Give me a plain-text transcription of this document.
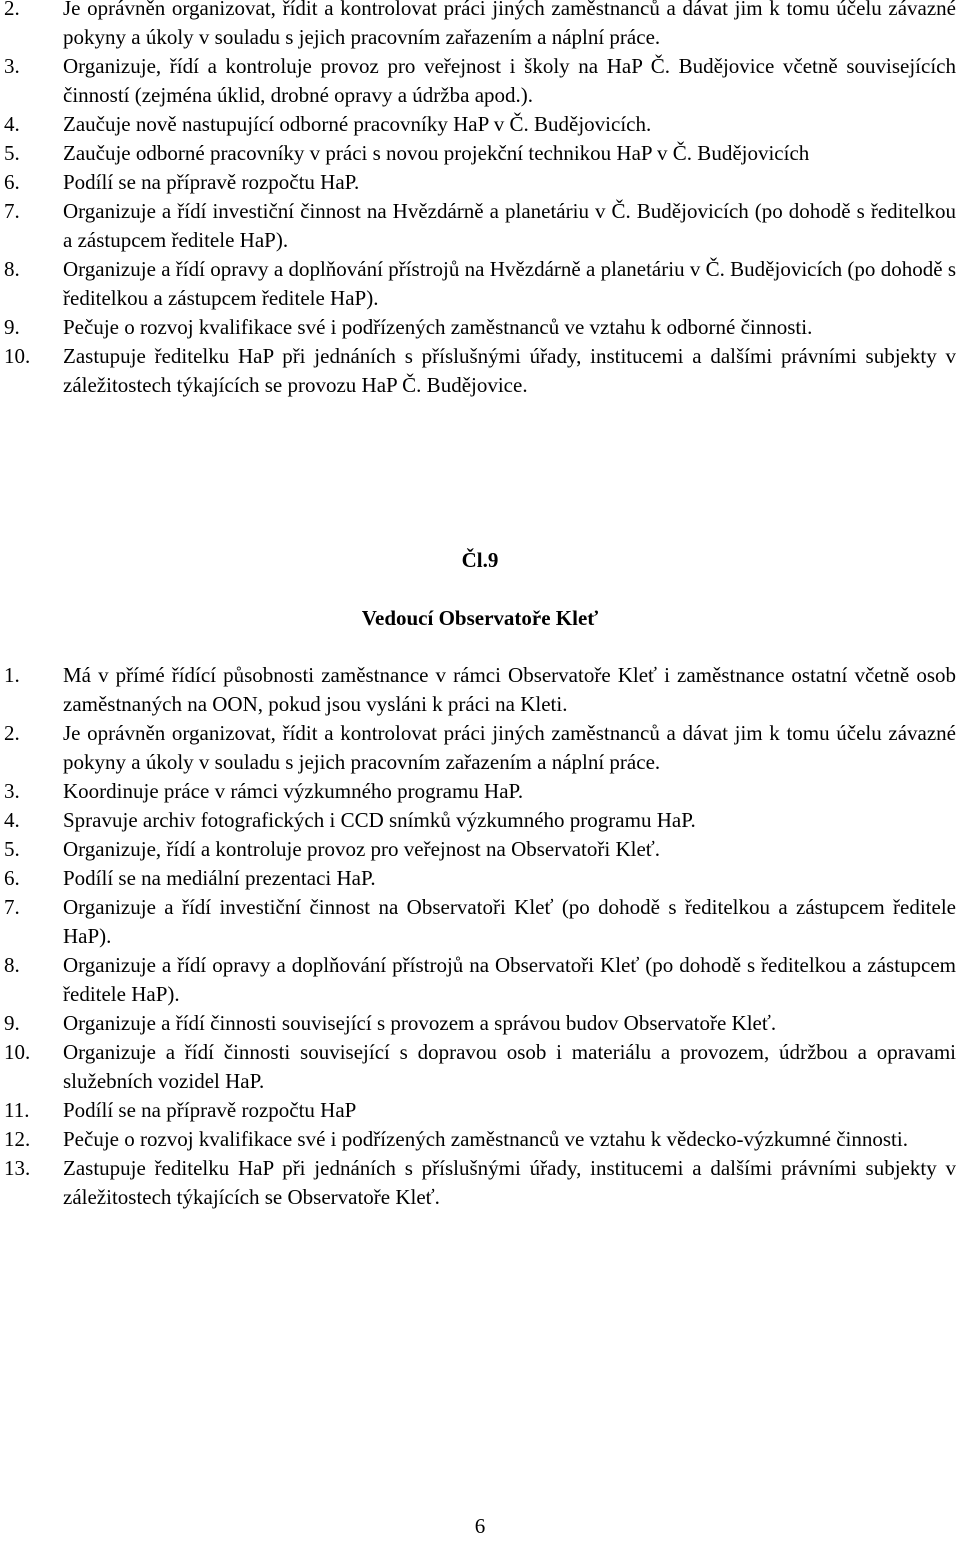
2.	Je oprávněn organizovat, řídit a kontrolovat práci jiných zaměstnanců a dávat jim k tomu účelu závazné pokyny a úkoly v souladu s jejich pracovním zařazením a náplní práce.
3.	Organizuje, řídí a kontroluje provoz pro veřejnost i školy na HaP Č. Budějovice včetně souvisejících činností (zejména úklid, drobné opravy a údržba apod.).
4.	Zaučuje nově nastupující odborné pracovníky HaP v Č. Budějovicích.
5.	Zaučuje odborné pracovníky v práci s novou projekční technikou HaP v Č. Budějovicích
6.	Podílí se na přípravě rozpočtu HaP.
7.	Organizuje a řídí investiční činnost na Hvězdárně a planetáriu v Č. Budějovicích (po dohodě s ředitelkou a zástupcem ředitele HaP).
8.	Organizuje a řídí opravy a doplňování přístrojů na Hvězdárně a planetáriu v Č. Budějovicích (po dohodě s ředitelkou a zástupcem ředitele HaP).
9.	Pečuje o rozvoj kvalifikace své i podřízených zaměstnanců ve vztahu k odborné činnosti.
10.	Zastupuje ředitelku HaP při jednáních s příslušnými úřady, institucemi a dalšími právními subjekty v záležitostech týkajících se provozu HaP Č. Budějovice.
Čl.9
Vedoucí Observatoře Kleť
1.	Má v přímé řídící působnosti zaměstnance v rámci Observatoře Kleť i zaměstnance ostatní včetně osob zaměstnaných na OON, pokud jsou vysláni k práci na Kleti.
2.	Je oprávněn organizovat, řídit a kontrolovat práci jiných zaměstnanců a dávat jim k tomu účelu závazné pokyny a úkoly v souladu s jejich pracovním zařazením a náplní práce.
3.	Koordinuje práce v rámci výzkumného programu HaP.
4.	Spravuje archiv fotografických i CCD snímků výzkumného programu HaP.
5.	Organizuje, řídí a kontroluje provoz pro veřejnost na Observatoři Kleť.
6.	Podílí se na mediální prezentaci HaP.
7.	Organizuje a řídí investiční činnost na Observatoři Kleť (po dohodě s ředitelkou a zástupcem ředitele HaP).
8.	Organizuje a řídí opravy a doplňování přístrojů na Observatoři Kleť (po dohodě s ředitelkou a zástupcem ředitele HaP).
9.	Organizuje a řídí činnosti související s provozem a správou budov Observatoře Kleť.
10.	Organizuje a řídí činnosti související s dopravou osob i materiálu a provozem, údržbou a opravami služebních vozidel HaP.
11.	Podílí se na přípravě rozpočtu HaP
12.	Pečuje o rozvoj kvalifikace své i podřízených zaměstnanců ve vztahu k vědecko-výzkumné činnosti.
13.	Zastupuje ředitelku HaP při jednáních s příslušnými úřady, institucemi a dalšími právními subjekty v záležitostech týkajících se Observatoře Kleť.
6
